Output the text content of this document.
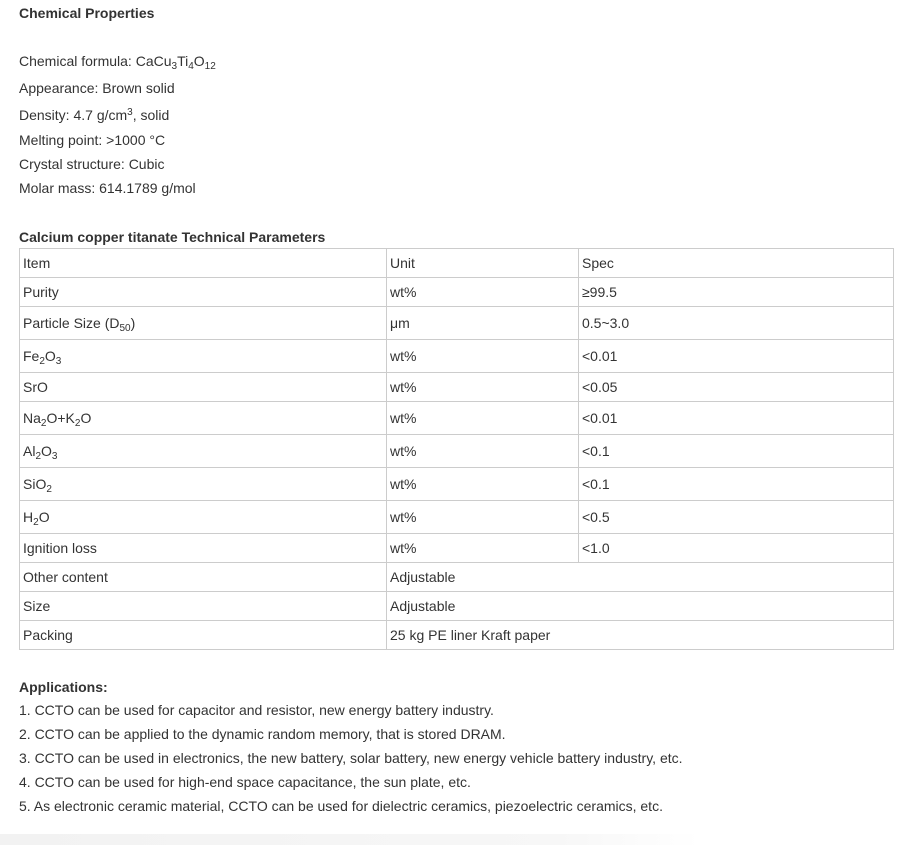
Chemical Properties
Chemical formula: $CaCu_3Ti_4O_{12}$
Appearance: Brown solid
Density: 4.7 $g/cm^3$, solid
Melting point: >1000 °C
Crystal structure: Cubic
Molar mass: 614.1789 g/mol
Calcium copper titanate Technical Parameters
Item	Unit	Spec
Purity	wt%	≥99.5
Particle Size $(D_{50})$	μm	0.5~3.0
$Fe_2O_3$	wt%	<0.01
SrO	wt%	<0.05
$Na_2O+K_2O$	wt%	<0.01
$Al_2O_3$	wt%	<0.1
SiO$_2$	wt%	<0.1
$H_2O$	wt%	<0.5
Ignition loss	wt%	<1.0
Other content	Adjustable	
Size	Adjustable	
Packing	25 kg PE liner Kraft paper	
Applications:
1. CCTO can be used for capacitor and resistor, new energy battery industry.
2. CCTO can be applied to the dynamic random memory, that is stored DRAM.
3. CCTO can be used in electronics, the new battery, solar battery, new energy vehicle battery industry, etc.
4. CCTO can be used for high-end space capacitance, the sun plate, etc.
5. As electronic ceramic material, CCTO can be used for dielectric ceramics, piezoelectric ceramics, etc.
